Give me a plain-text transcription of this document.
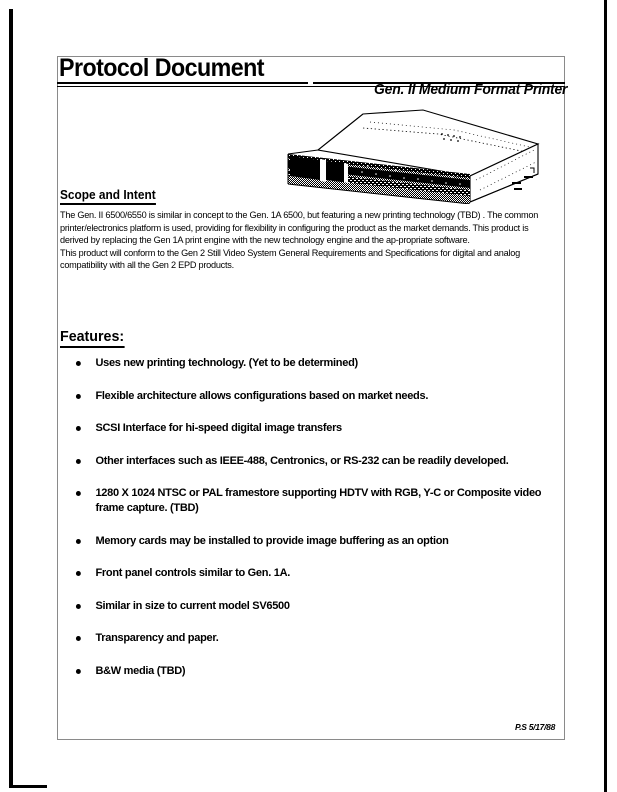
Protocol Document
Gen. II Medium Format Printer
Scope and Intent

The Gen. II 6500/6550 is similar in concept to the Gen. 1A 6500, but featuring a new printing technology (TBD) . The common printer/electronics platform is used, providing for flexibility in configuring the product as the market demands. This product is derived by replacing the Gen 1A print engine with the new technology engine and the ap-propriate software.

This product will conform to the Gen 2 Still Video System General Requirements and Specifications for digital and analog compatibility with all the Gen 2 EPD products.

Features:
Uses new printing technology. (Yet to be determined)
Flexible architecture allows configurations based on market needs.
SCSI Interface for hi-speed digital image transfers
Other interfaces such as IEEE-488, Centronics, or RS-232 can be readily developed.
1280 X 1024 NTSC or PAL framestore supporting HDTV with RGB, Y-C or Composite video frame capture. (TBD)
Memory cards may be installed to provide image buffering as an option
Front panel controls similar to Gen. 1A.
Similar in size to current model SV6500
Transparency and paper.
B&W media (TBD)
P.S 5/17/88
